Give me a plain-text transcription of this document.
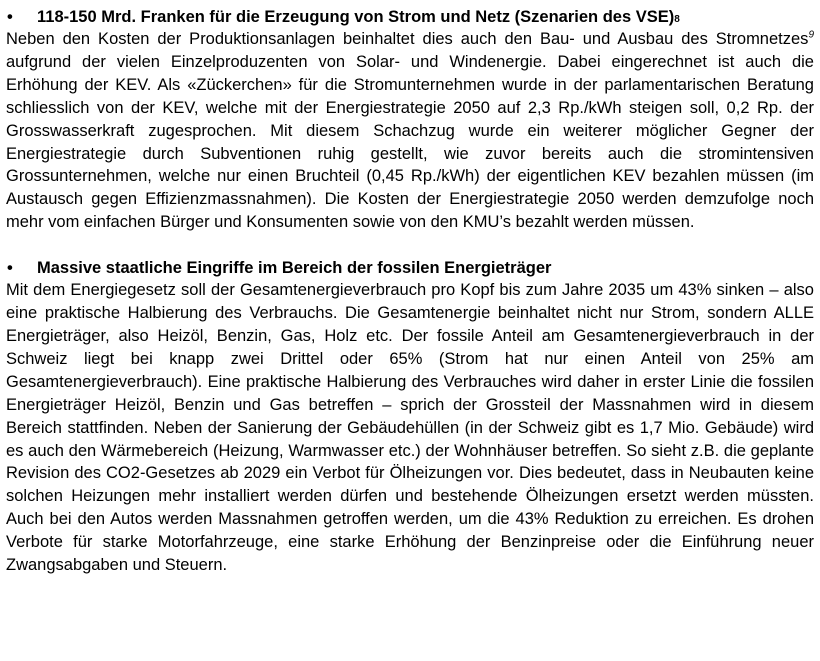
•	118-150 Mrd. Franken für die Erzeugung von Strom und Netz (Szenarien des VSE) 8

Neben den Kosten der Produktionsanlagen beinhaltet dies auch den Bau- und Ausbau des Stromnetzes$^9$ aufgrund der vielen Einzelproduzenten von Solar- und Windenergie. Dabei eingerechnet ist auch die Erhöhung der KEV. Als «Zückerchen» für die Stromunternehmen wurde in der parlamentarischen Beratung schliesslich von der KEV, welche mit der Energiestrategie 2050 auf 2,3 Rp./kWh steigen soll, 0,2 Rp. der Grosswasserkraft zugesprochen. Mit diesem Schachzug wurde ein weiterer möglicher Gegner der Energiestrategie durch Subventionen ruhig gestellt, wie zuvor bereits auch die stromintensiven Grossunternehmen, welche nur einen Bruchteil (0,45 Rp./kWh) der eigentlichen KEV bezahlen müssen (im Austausch gegen Effizienzmassnahmen). Die Kosten der Energiestrategie 2050 werden demzufolge noch mehr vom einfachen Bürger und Konsumenten sowie von den KMU’s bezahlt werden müssen.

•	Massive staatliche Eingriffe im Bereich der fossilen Energieträger

Mit dem Energiegesetz soll der Gesamtenergieverbrauch pro Kopf bis zum Jahre 2035 um 43% sinken – also eine praktische Halbierung des Verbrauchs. Die Gesamtenergie beinhaltet nicht nur Strom, sondern ALLE Energieträger, also Heizöl, Benzin, Gas, Holz etc. Der fossile Anteil am Gesamtenergieverbrauch in der Schweiz liegt bei knapp zwei Drittel oder 65% (Strom hat nur einen Anteil von 25% am Gesamtenergieverbrauch). Eine praktische Halbierung des Verbrauches wird daher in erster Linie die fossilen Energieträger Heizöl, Benzin und Gas betreffen – sprich der Grossteil der Massnahmen wird in diesem Bereich stattfinden. Neben der Sanierung der Gebäudehüllen (in der Schweiz gibt es 1,7 Mio. Gebäude) wird es auch den Wärmebereich (Heizung, Warmwasser etc.) der Wohnhäuser betreffen. So sieht z.B. die geplante Revision des CO2-Gesetzes ab 2029 ein Verbot für Ölheizungen vor. Dies bedeutet, dass in Neubauten keine solchen Heizungen mehr installiert werden dürfen und bestehende Ölheizungen ersetzt werden müssten. Auch bei den Autos werden Massnahmen getroffen werden, um die 43% Reduktion zu erreichen. Es drohen Verbote für starke Motorfahrzeuge, eine starke Erhöhung der Benzinpreise oder die Einführung neuer Zwangsabgaben und Steuern.
